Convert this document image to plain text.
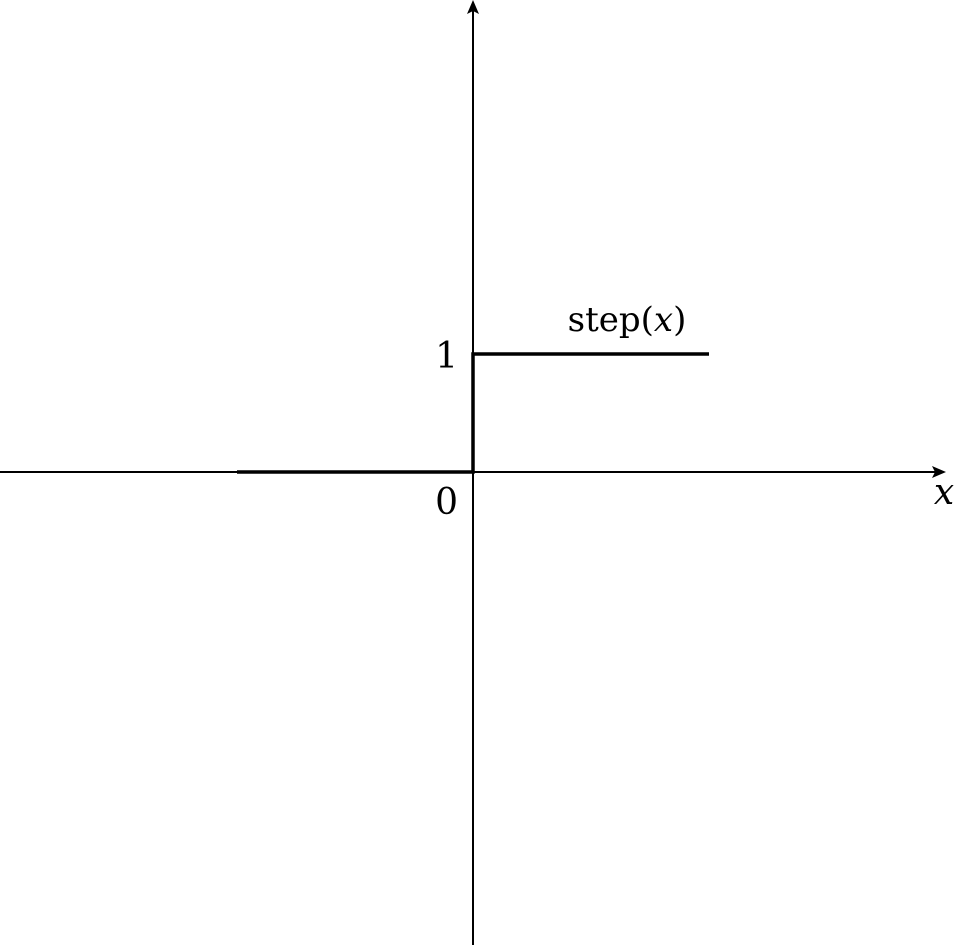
step(x)
1
0	x
